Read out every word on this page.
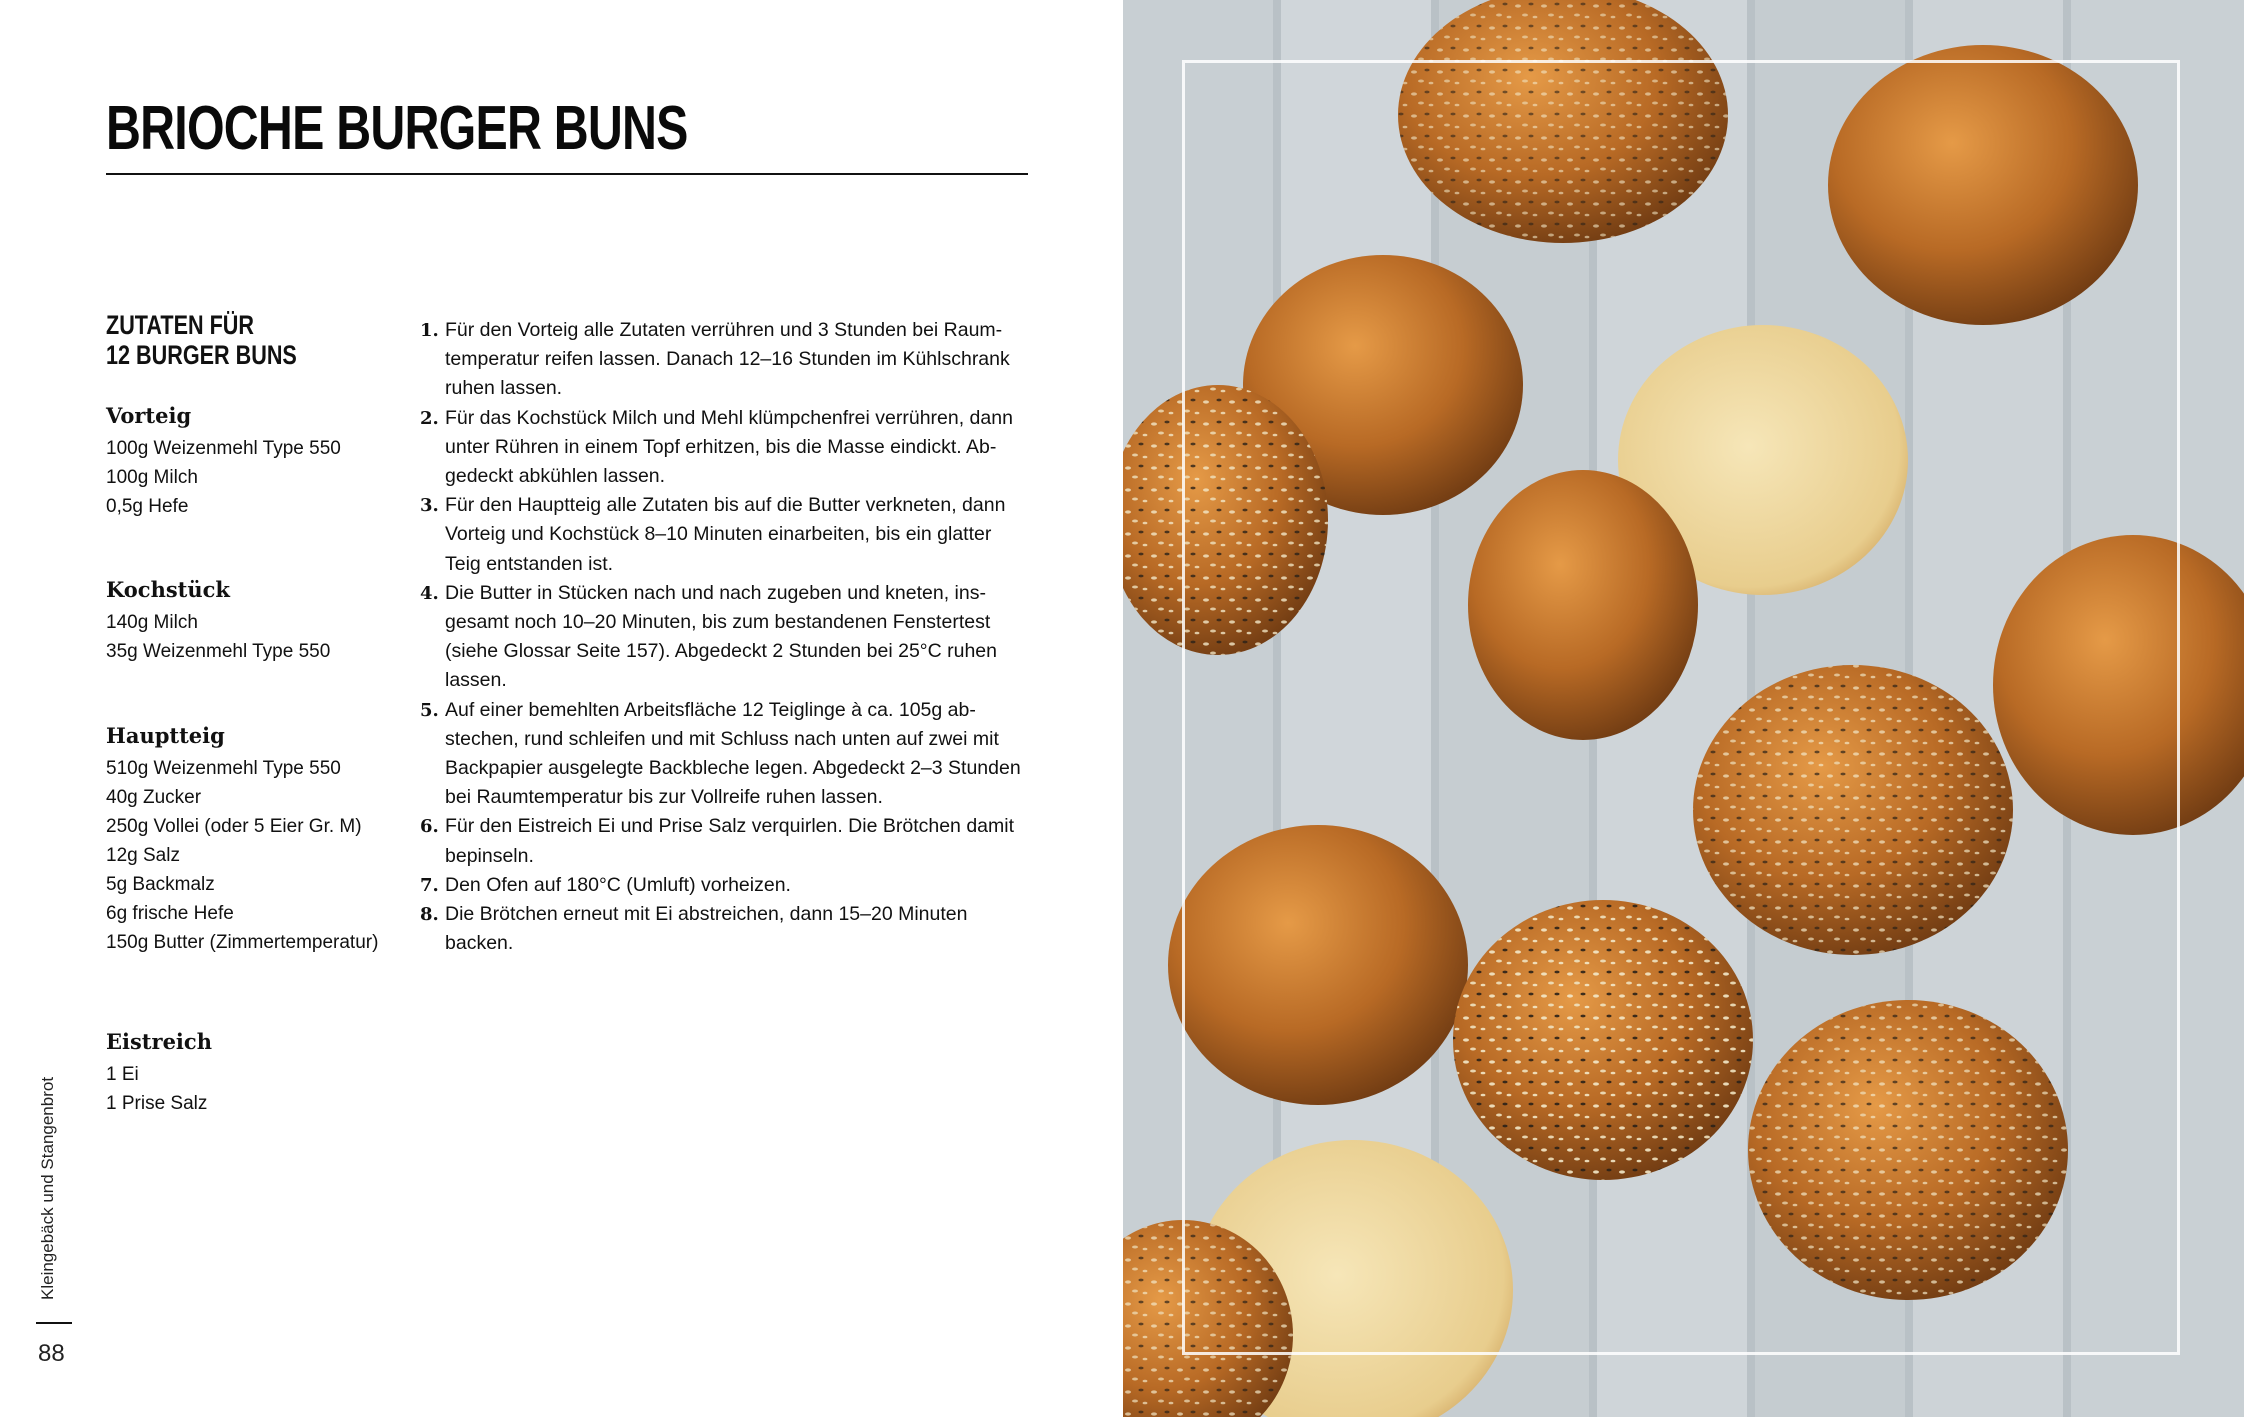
BRIOCHE BURGER BUNS
ZUTATEN FÜR
12 BURGER BUNS
Vorteig
100g Weizenmehl Type 550
100g Milch
0,5g Hefe
Kochstück
140g Milch
35g Weizenmehl Type 550
Hauptteig
510g Weizenmehl Type 550
40g Zucker
250g Vollei (oder 5 Eier Gr. M)
12g Salz
5g Backmalz
6g frische Hefe
150g Butter (Zimmertemperatur)
Eistreich
1 Ei
1 Prise Salz
1. Für den Vorteig alle Zutaten verrühren und 3 Stunden bei Raum-
temperatur reifen lassen. Danach 12–16 Stunden im Kühlschrank
ruhen lassen.
2. Für das Kochstück Milch und Mehl klümpchenfrei verrühren, dann
unter Rühren in einem Topf erhitzen, bis die Masse eindickt. Ab-
gedeckt abkühlen lassen.
3. Für den Hauptteig alle Zutaten bis auf die Butter verkneten, dann
Vorteig und Kochstück 8–10 Minuten einarbeiten, bis ein glatter
Teig entstanden ist.
4. Die Butter in Stücken nach und nach zugeben und kneten, ins-
gesamt noch 10–20 Minuten, bis zum bestandenen Fenstertest
(siehe Glossar Seite 157). Abgedeckt 2 Stunden bei 25°C ruhen
lassen.
5. Auf einer bemehlten Arbeitsfläche 12 Teiglinge à ca. 105g ab-
stechen, rund schleifen und mit Schluss nach unten auf zwei mit
Backpapier ausgelegte Backbleche legen. Abgedeckt 2–3 Stunden
bei Raumtemperatur bis zur Vollreife ruhen lassen.
6. Für den Eistreich Ei und Prise Salz verquirlen. Die Brötchen damit
bepinseln.
7. Den Ofen auf 180°C (Umluft) vorheizen.
8. Die Brötchen erneut mit Ei abstreichen, dann 15–20 Minuten
backen.
Kleingebäck und Stangenbrot
88
